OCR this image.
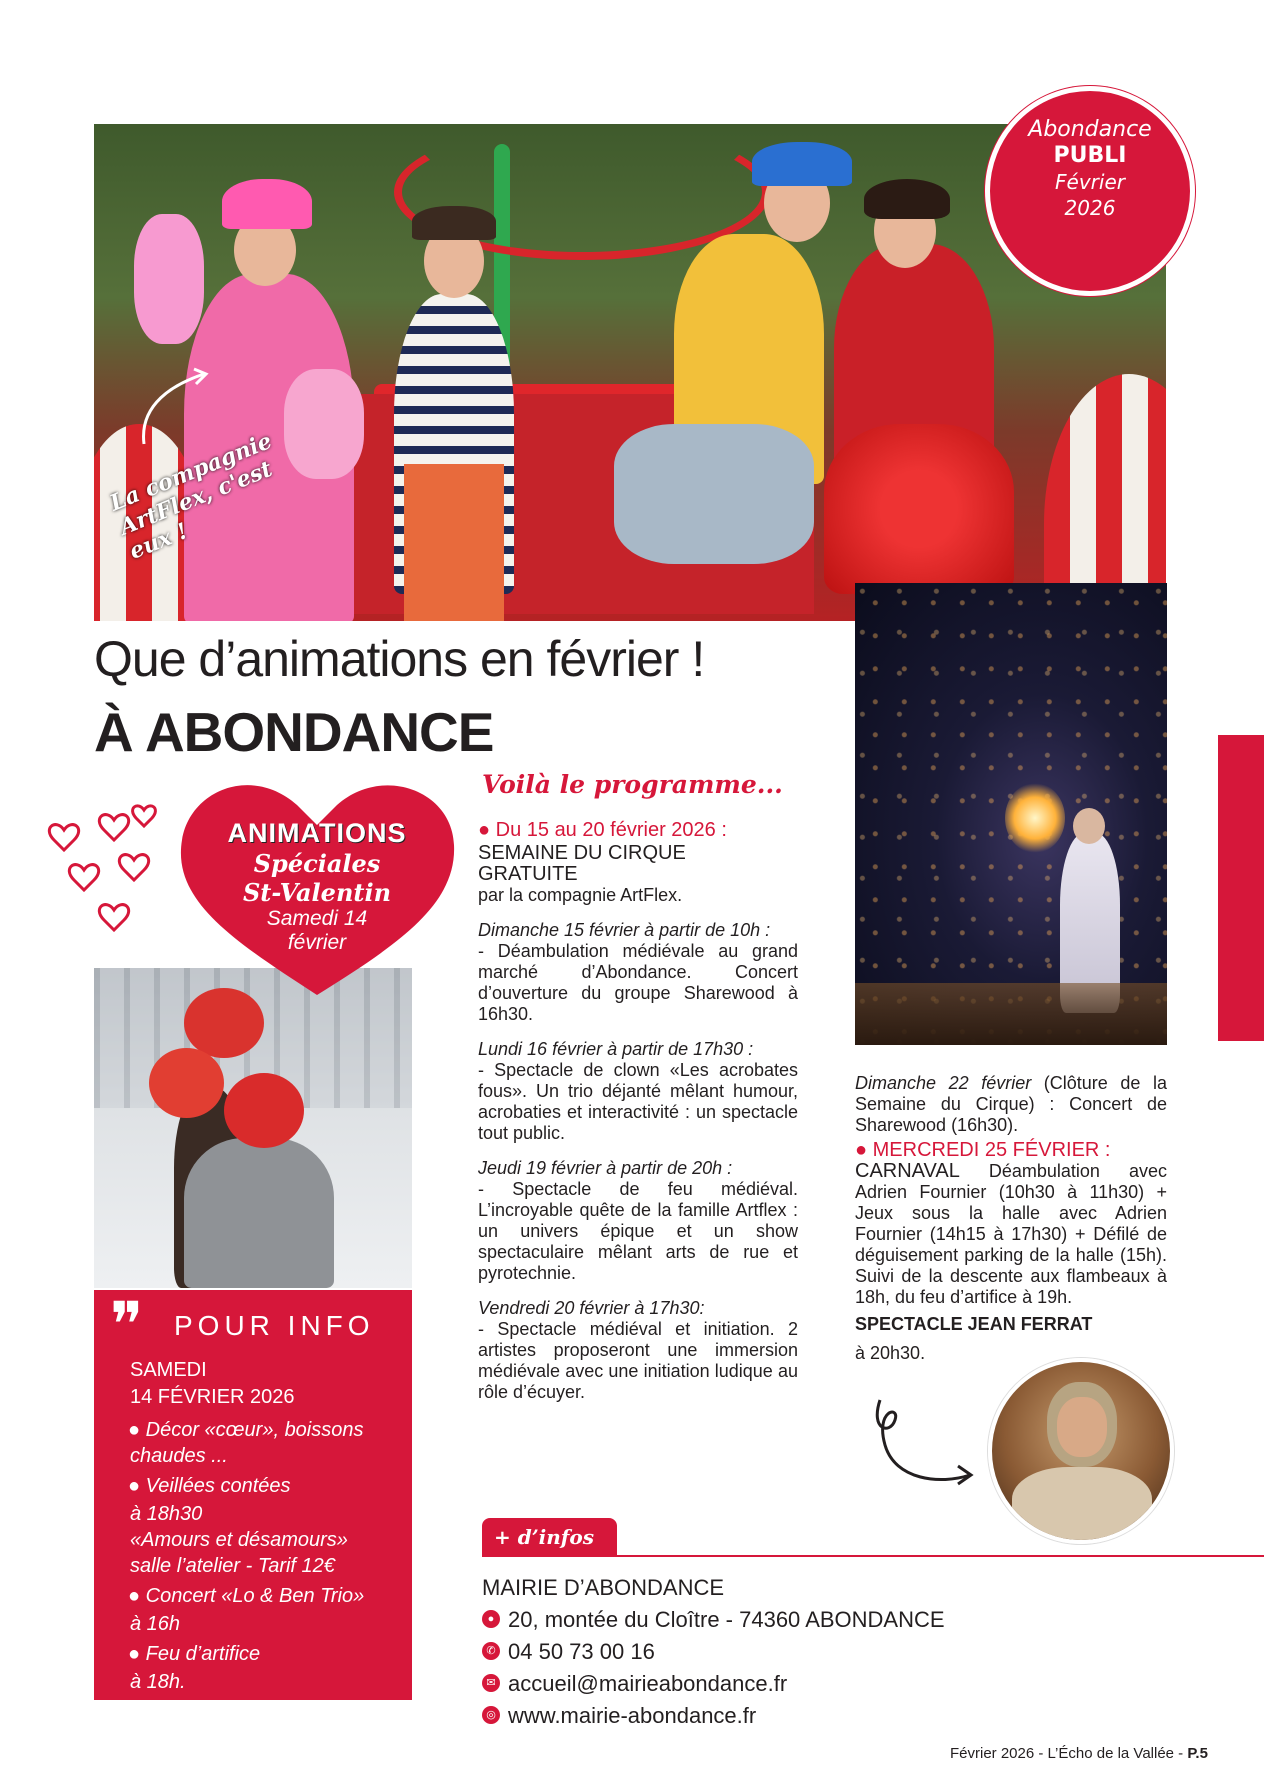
La compagnie ArtFlex, c'est eux !
Abondance
PUBLI
Février
2026
Que d’animations en février !
À ABONDANCE
ANIMATIONS
Spéciales
St-Valentin
Samedi 14
février
❞ POUR INFO
SAMEDI
14 FÉVRIER 2026
● Décor «cœur», boissons
chaudes ...
● Veillées contées
à 18h30
«Amours et désamours»
salle l’atelier - Tarif 12€
● Concert «Lo & Ben Trio»
à 16h
● Feu d’artifice
à 18h.
Voilà le programme...
● Du 15 au 20 février 2026 :
SEMAINE DU CIRQUE
GRATUITE

par la compagnie ArtFlex.

Dimanche 15 février à partir de 10h :

- Déambulation médiévale au grand marché d’Abondance. Concert d’ouverture du groupe Sharewood à 16h30.

Lundi 16 février à partir de 17h30 :

- Spectacle de clown «Les acrobates fous». Un trio déjanté mêlant humour, acrobaties et interactivité : un spectacle tout public.

Jeudi 19 février à partir de 20h :

- Spectacle de feu médiéval. L’incroyable quête de la famille Artflex : un univers épique et un show spectaculaire mêlant arts de rue et pyrotechnie.

Vendredi 20 février à 17h30:

- Spectacle médiéval et initiation. 2 artistes proposeront une immersion médiévale avec une initiation ludique au rôle d’écuyer.

Dimanche 22 février (Clôture de la Semaine du Cirque) : Concert de Sharewood (16h30).

● MERCREDI 25 FÉVRIER :

CARNAVAL Déambulation avec Adrien Fournier (10h30 à 11h30) + Jeux sous la halle avec Adrien Fournier (14h15 à 17h30) + Défilé de déguisement parking de la halle (15h). Suivi de la descente aux flambeaux à 18h, du feu d’artifice à 19h.

SPECTACLE JEAN FERRAT
à 20h30.
+ d’infos
MAIRIE D’ABONDANCE
● 20, montée du Cloître - 74360 ABONDANCE
✆ 04 50 73 00 16
✉ accueil@mairieabondance.fr
◎ www.mairie-abondance.fr
Février 2026 - L’Écho de la Vallée - P.5
